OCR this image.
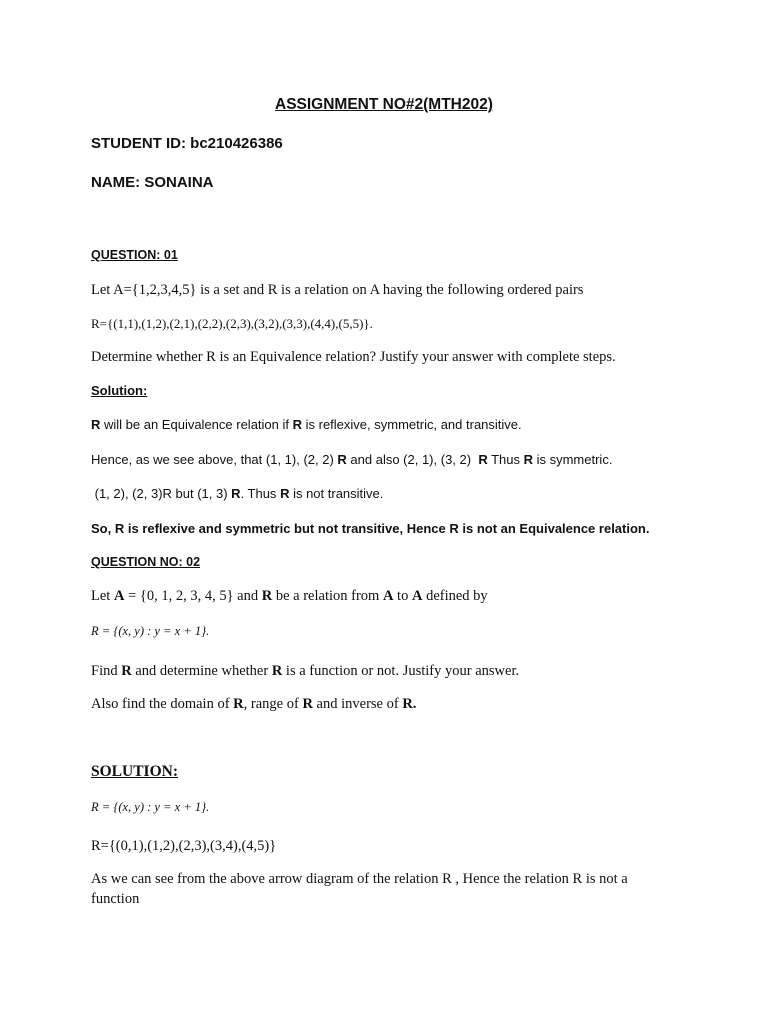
ASSIGNMENT NO#2(MTH202)
STUDENT ID: bc210426386
NAME: SONAINA
QUESTION: 01
Let A={1,2,3,4,5} is a set and R is a relation on A having the following ordered pairs
R={(1,1),(1,2),(2,1),(2,2),(2,3),(3,2),(3,3),(4,4),(5,5)}.
Determine whether R is an Equivalence relation? Justify your answer with complete steps.
Solution:
R will be an Equivalence relation if R is reflexive, symmetric, and transitive.
Hence, as we see above, that (1, 1), (2, 2) R and also (2, 1), (3, 2)  R Thus R is symmetric.
(1, 2), (2, 3)R but (1, 3) R. Thus R is not transitive.
So, R is reflexive and symmetric but not transitive, Hence R is not an Equivalence relation.
QUESTION NO: 02
Let A = {0, 1, 2, 3, 4, 5} and R be a relation from A to A defined by
R = {(x, y) : y = x + 1}.
Find R and determine whether R is a function or not. Justify your answer.
Also find the domain of R, range of R and inverse of R.
SOLUTION:
R = {(x, y) : y = x + 1}.
R={(0,1),(1,2),(2,3),(3,4),(4,5)}
As we can see from the above arrow diagram of the relation R , Hence the relation R is not a
function
